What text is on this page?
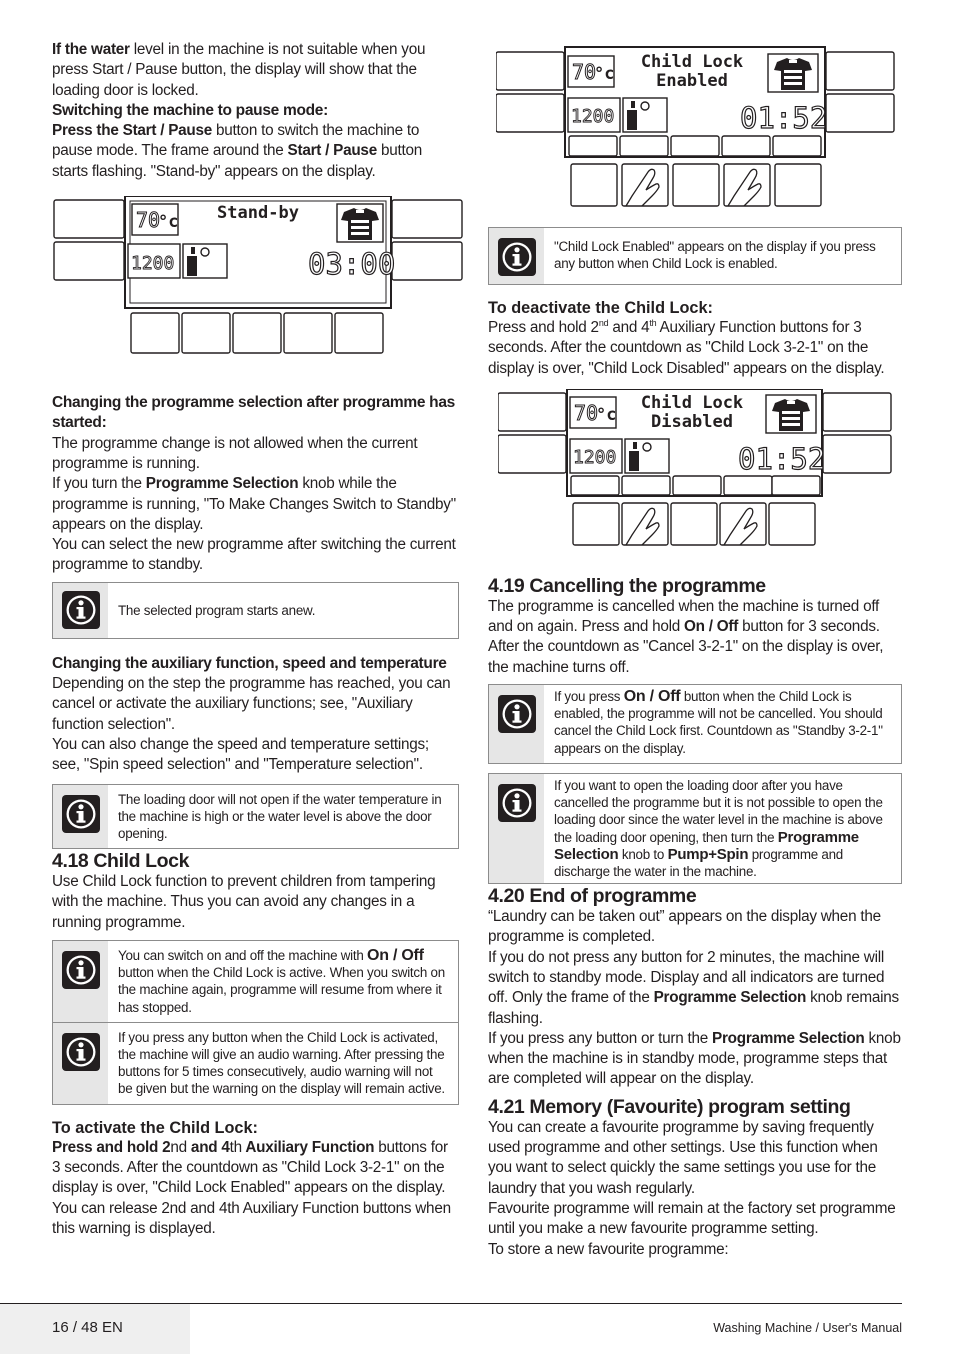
If the water level in the machine is not suitable when you press Start / Pause button, the display will show that the loading door is locked.

Switching the machine to pause mode:

Press the Start / Pause button to switch the machine to pause mode. The frame around the Start / Pause button starts flashing. "Stand-by" appears on the display.

70
°c Stand-by
1200	03:00

Changing the programme selection after programme has started:

The programme change is not allowed when the current programme is running.

If you turn the Programme Selection knob while the programme is running, "To Make Changes Switch to Standby" appears on the display.

You can select the new programme after switching the current programme to standby.

The selected program starts anew.

Changing the auxiliary function, speed and temperature

Depending on the step the programme has reached, you can cancel or activate the auxiliary functions; see, "Auxiliary function selection".

You can also change the speed and temperature settings; see, "Spin speed selection" and "Temperature selection".

The loading door will not open if the water temperature in the machine is high or the water level is above the door opening.

4.18 Child Lock

Use Child Lock function to prevent children from tampering with the machine. Thus you can avoid any changes in a running programme.

You can switch on and off the machine with On / Off button when the Child Lock is active. When you switch on the machine again, programme will resume from where it has stopped.
If you press any button when the Child Lock is activated, the machine will give an audio warning. After pressing the buttons for 5 times consecutively, audio warning will not be given but the warning on the display will remain active.

To activate the Child Lock:

Press and hold 2nd and 4th Auxiliary Function buttons for 3 seconds. After the countdown as "Child Lock 3-2-1" on the display is over, "Child Lock Enabled" appears on the display. You can release 2nd and 4th Auxiliary Function buttons when this warning is displayed.

70
°c
Child Lock
Enabled
1200	01:52
"Child Lock Enabled" appears on the display if you press any button when Child Lock is enabled.

To deactivate the Child Lock:

Press and hold 2nd and 4th Auxiliary Function buttons for 3 seconds. After the countdown as "Child Lock 3-2-1" on the display is over, "Child Lock Disabled" appears on the display.

70
°c
Child Lock
Disabled
1200	01:52

4.19 Cancelling the programme

The programme is cancelled when the machine is turned off and on again. Press and hold On / Off button for 3 seconds. After the countdown as "Cancel 3-2-1" on the display is over, the machine turns off.

If you press On / Off button when the Child Lock is enabled, the programme will not be cancelled. You should cancel the Child Lock first. Countdown as "Standby 3-2-1" appears on the display.
If you want to open the loading door after you have cancelled the programme but it is not possible to open the loading door since the water level in the machine is above the loading door opening, then turn the Programme Selection knob to Pump+Spin programme and discharge the water in the machine.

4.20 End of programme

“Laundry can be taken out” appears on the display when the programme is completed.

If you do not press any button for 2 minutes, the machine will switch to standby mode. Display and all indicators are turned off. Only the frame of the Programme Selection knob remains flashing.

If you press any button or turn the Programme Selection knob when the machine is in standby mode, programme steps that are completed will appear on the display.

4.21 Memory (Favourite) program setting

You can create a favourite programme by saving frequently used programme and other settings. Use this function when you want to select quickly the same settings you use for the laundry that you wash regularly.

Favourite programme will remain at the factory set programme until you make a new favourite programme setting.

To store a new favourite programme:

16 / 48 EN	Washing Machine / User's Manual
